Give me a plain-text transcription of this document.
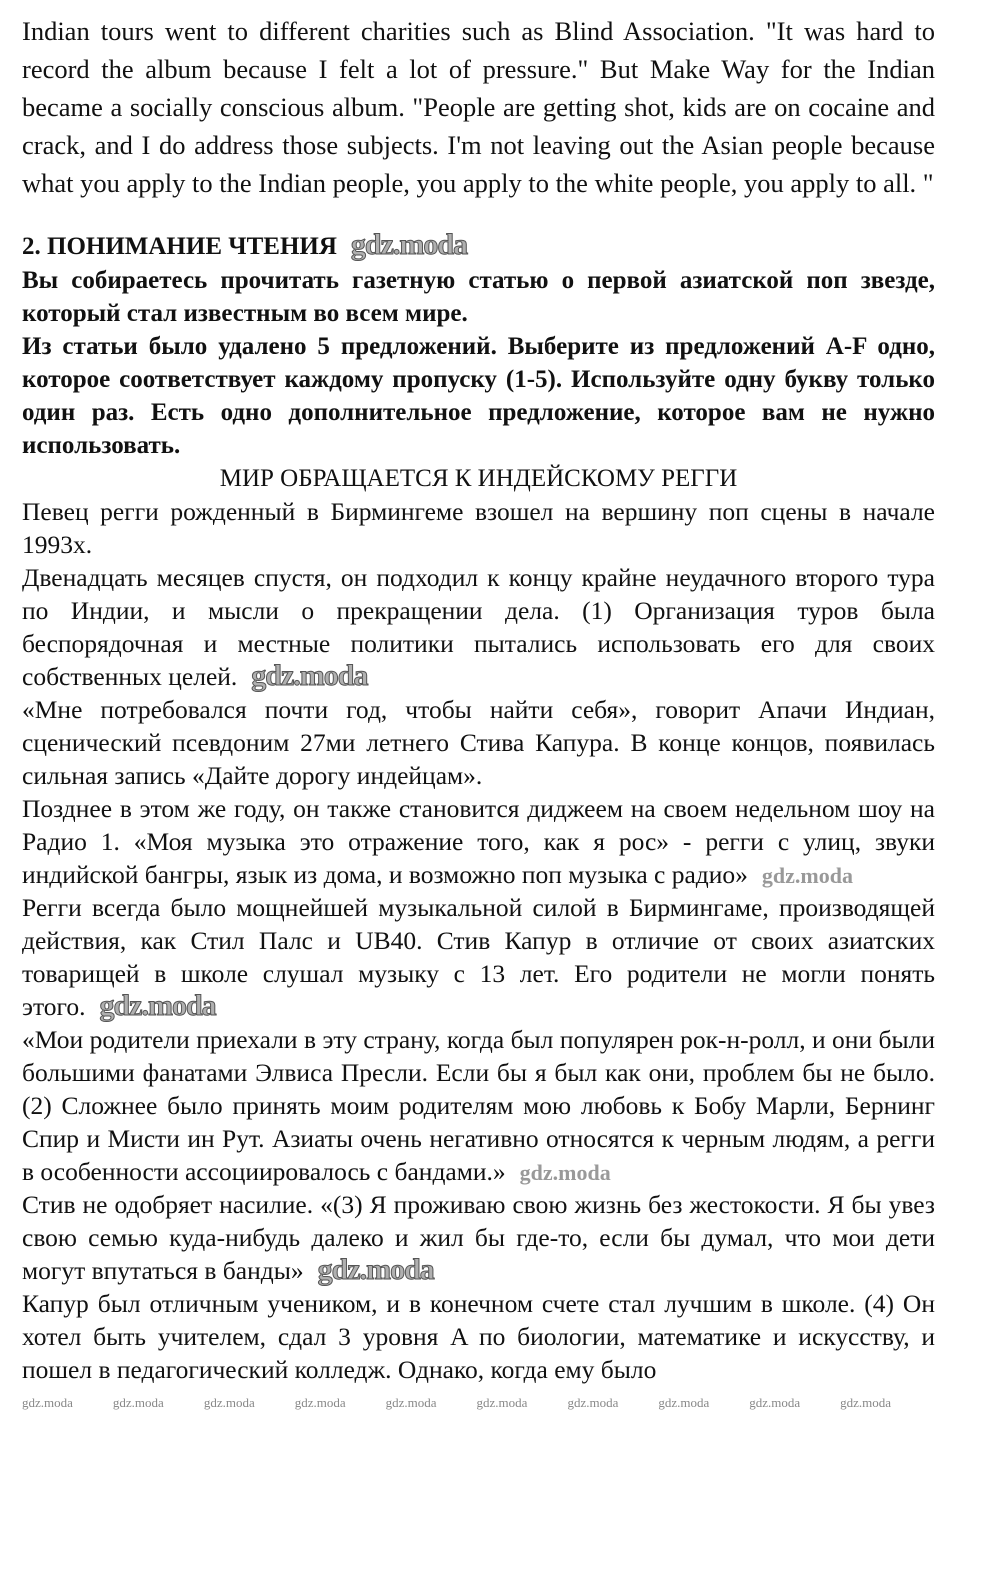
Indian tours went to different charities such as Blind Association. "It was hard to record the album because I felt a lot of pressure." But Make Way for the Indian became a socially conscious album. "People are getting shot, kids are on cocaine and crack, and I do address those subjects. I'm not leaving out the Asian people because what you apply to the Indian people, you apply to the white people, you apply to all. "

2. ПОНИМАНИЕ ЧТЕНИЯ gdz.moda

Вы собираетесь прочитать газетную статью о первой азиатской поп звезде, который стал известным во всем мире.

Из статьи было удалено 5 предложений. Выберите из предложений A-F одно, которое соответствует каждому пропуску (1-5). Используйте одну букву только один раз. Есть одно дополнительное предложение, которое вам не нужно использовать.

МИР ОБРАЩАЕТСЯ К ИНДЕЙСКОМУ РЕГГИ

Певец регги рожденный в Бирмингеме взошел на вершину поп сцены в начале 1993х.

Двенадцать месяцев спустя, он подходил к концу крайне неудачного второго тура по Индии, и мысли о прекращении дела. (1) Организация туров была беспорядочная и местные политики пытались использовать его для своих собственных целей. gdz.moda

«Мне потребовался почти год, чтобы найти себя», говорит Апачи Индиан, сценический псевдоним 27ми летнего Стива Капура. В конце концов, появилась сильная запись «Дайте дорогу индейцам».

Позднее в этом же году, он также становится диджеем на своем недельном шоу на Радио 1. «Моя музыка это отражение того, как я рос» - регги с улиц, звуки индийской бангры, язык из дома, и возможно поп музыка с радио» gdz.moda

Регги всегда было мощнейшей музыкальной силой в Бирмингаме, производящей действия, как Стил Палс и UB40. Стив Капур в отличие от своих азиатских товарищей в школе слушал музыку с 13 лет. Его родители не могли понять этого. gdz.moda

«Мои родители приехали в эту страну, когда был популярен рок-н-ролл, и они были большими фанатами Элвиса Пресли. Если бы я был как они, проблем бы не было. (2) Сложнее было принять моим родителям мою любовь к Бобу Марли, Бернинг Спир и Мисти ин Рут. Азиаты очень негативно относятся к черным людям, а регги в особенности ассоциировалось с бандами.» gdz.moda

Стив не одобряет насилие. «(3) Я проживаю свою жизнь без жестокости. Я бы увез свою семью куда-нибудь далеко и жил бы где-то, если бы думал, что мои дети могут впутаться в банды» gdz.moda

Капур был отличным учеником, и в конечном счете стал лучшим в школе. (4) Он хотел быть учителем, сдал 3 уровня A по биологии, математике и искусству, и пошел в педагогический колледж. Однако, когда ему было

gdz.moda	gdz.moda	gdz.moda	gdz.moda	gdz.moda	gdz.moda	gdz.moda	gdz.moda	gdz.moda	gdz.moda
